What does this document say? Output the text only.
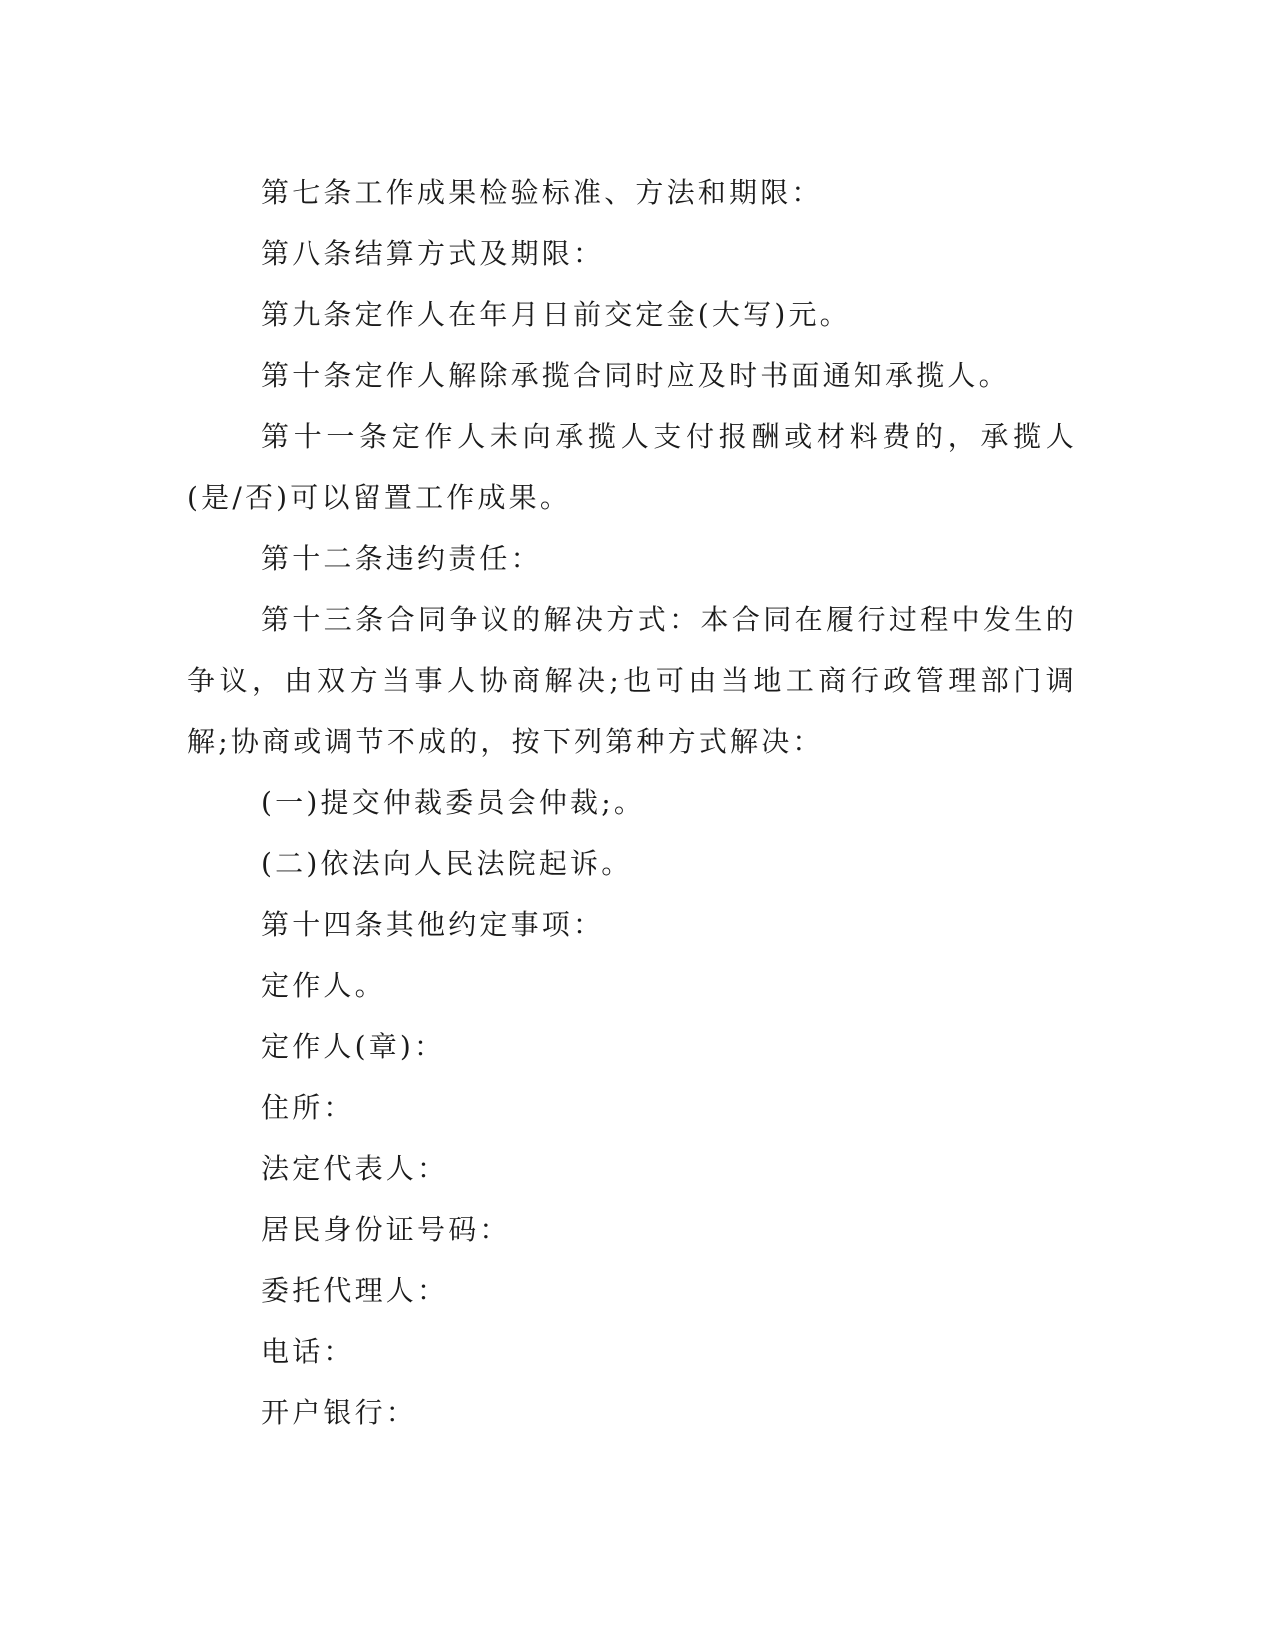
第七条工作成果检验标准、方法和期限：

第八条结算方式及期限：

第九条定作人在年月日前交定金(大写)元。

第十条定作人解除承揽合同时应及时书面通知承揽人。

第十一条定作人未向承揽人支付报酬或材料费的，承揽人(是/否)可以留置工作成果。

第十二条违约责任：

第十三条合同争议的解决方式：本合同在履行过程中发生的争议，由双方当事人协商解决;也可由当地工商行政管理部门调解;协商或调节不成的，按下列第种方式解决：

(一)提交仲裁委员会仲裁;。

(二)依法向人民法院起诉。

第十四条其他约定事项：

定作人。

定作人(章)：

住所：

法定代表人：

居民身份证号码：

委托代理人：

电话：

开户银行：
